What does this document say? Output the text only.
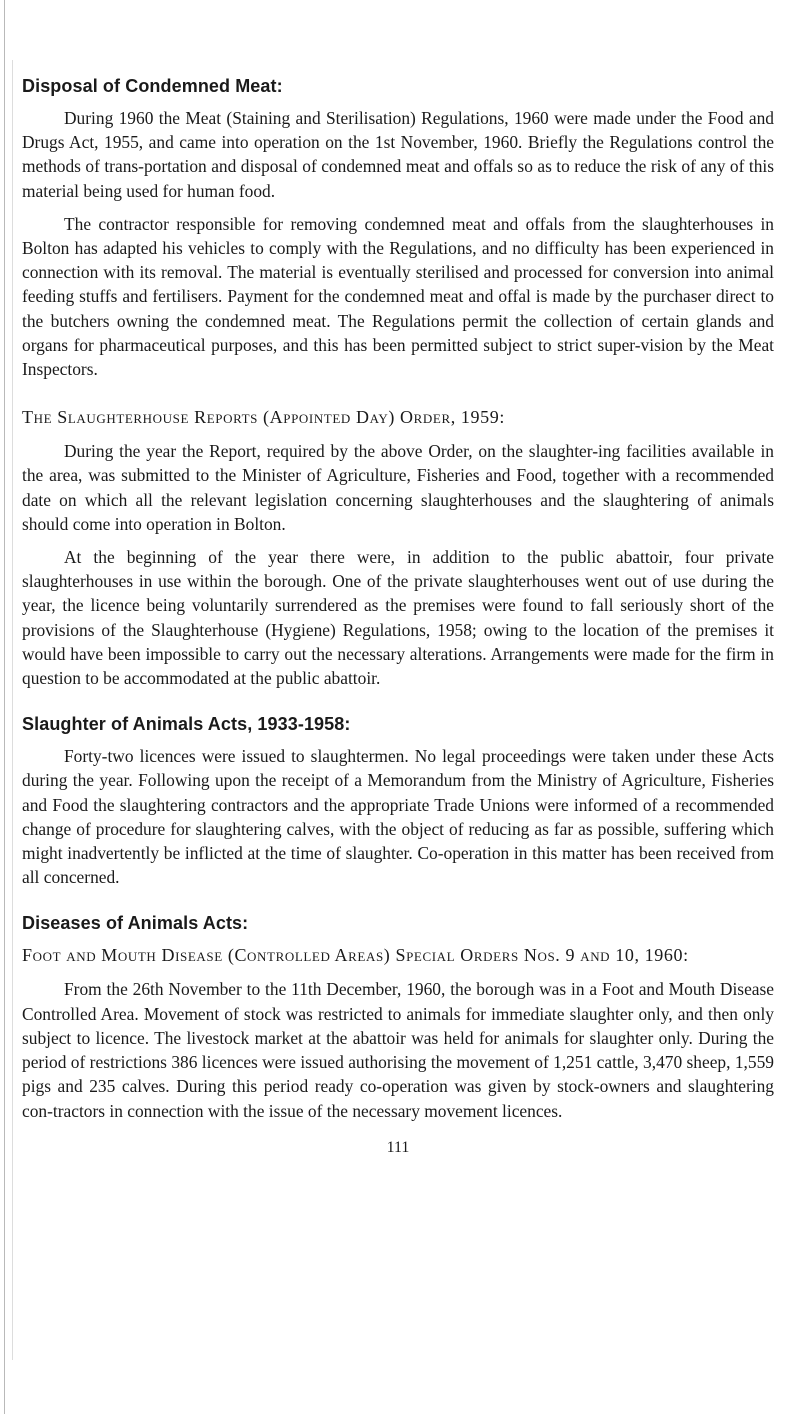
Disposal of Condemned Meat:

During 1960 the Meat (Staining and Sterilisation) Regulations, 1960 were made under the Food and Drugs Act, 1955, and came into operation on the 1st November, 1960. Briefly the Regulations control the methods of trans-portation and disposal of condemned meat and offals so as to reduce the risk of any of this material being used for human food.

The contractor responsible for removing condemned meat and offals from the slaughterhouses in Bolton has adapted his vehicles to comply with the Regulations, and no difficulty has been experienced in connection with its removal. The material is eventually sterilised and processed for conversion into animal feeding stuffs and fertilisers. Payment for the condemned meat and offal is made by the purchaser direct to the butchers owning the condemned meat. The Regulations permit the collection of certain glands and organs for pharmaceutical purposes, and this has been permitted subject to strict super-vision by the Meat Inspectors.

The Slaughterhouse Reports (Appointed Day) Order, 1959:

During the year the Report, required by the above Order, on the slaughter-ing facilities available in the area, was submitted to the Minister of Agriculture, Fisheries and Food, together with a recommended date on which all the relevant legislation concerning slaughterhouses and the slaughtering of animals should come into operation in Bolton.

At the beginning of the year there were, in addition to the public abattoir, four private slaughterhouses in use within the borough. One of the private slaughterhouses went out of use during the year, the licence being voluntarily surrendered as the premises were found to fall seriously short of the provisions of the Slaughterhouse (Hygiene) Regulations, 1958; owing to the location of the premises it would have been impossible to carry out the necessary alterations. Arrangements were made for the firm in question to be accommodated at the public abattoir.

Slaughter of Animals Acts, 1933-1958:

Forty-two licences were issued to slaughtermen. No legal proceedings were taken under these Acts during the year. Following upon the receipt of a Memorandum from the Ministry of Agriculture, Fisheries and Food the slaughtering contractors and the appropriate Trade Unions were informed of a recommended change of procedure for slaughtering calves, with the object of reducing as far as possible, suffering which might inadvertently be inflicted at the time of slaughter. Co-operation in this matter has been received from all concerned.

Diseases of Animals Acts:
Foot and Mouth Disease (Controlled Areas) Special Orders Nos. 9 and 10, 1960:

From the 26th November to the 11th December, 1960, the borough was in a Foot and Mouth Disease Controlled Area. Movement of stock was restricted to animals for immediate slaughter only, and then only subject to licence. The livestock market at the abattoir was held for animals for slaughter only. During the period of restrictions 386 licences were issued authorising the movement of 1,251 cattle, 3,470 sheep, 1,559 pigs and 235 calves. During this period ready co-operation was given by stock-owners and slaughtering con-tractors in connection with the issue of the necessary movement licences.

111
